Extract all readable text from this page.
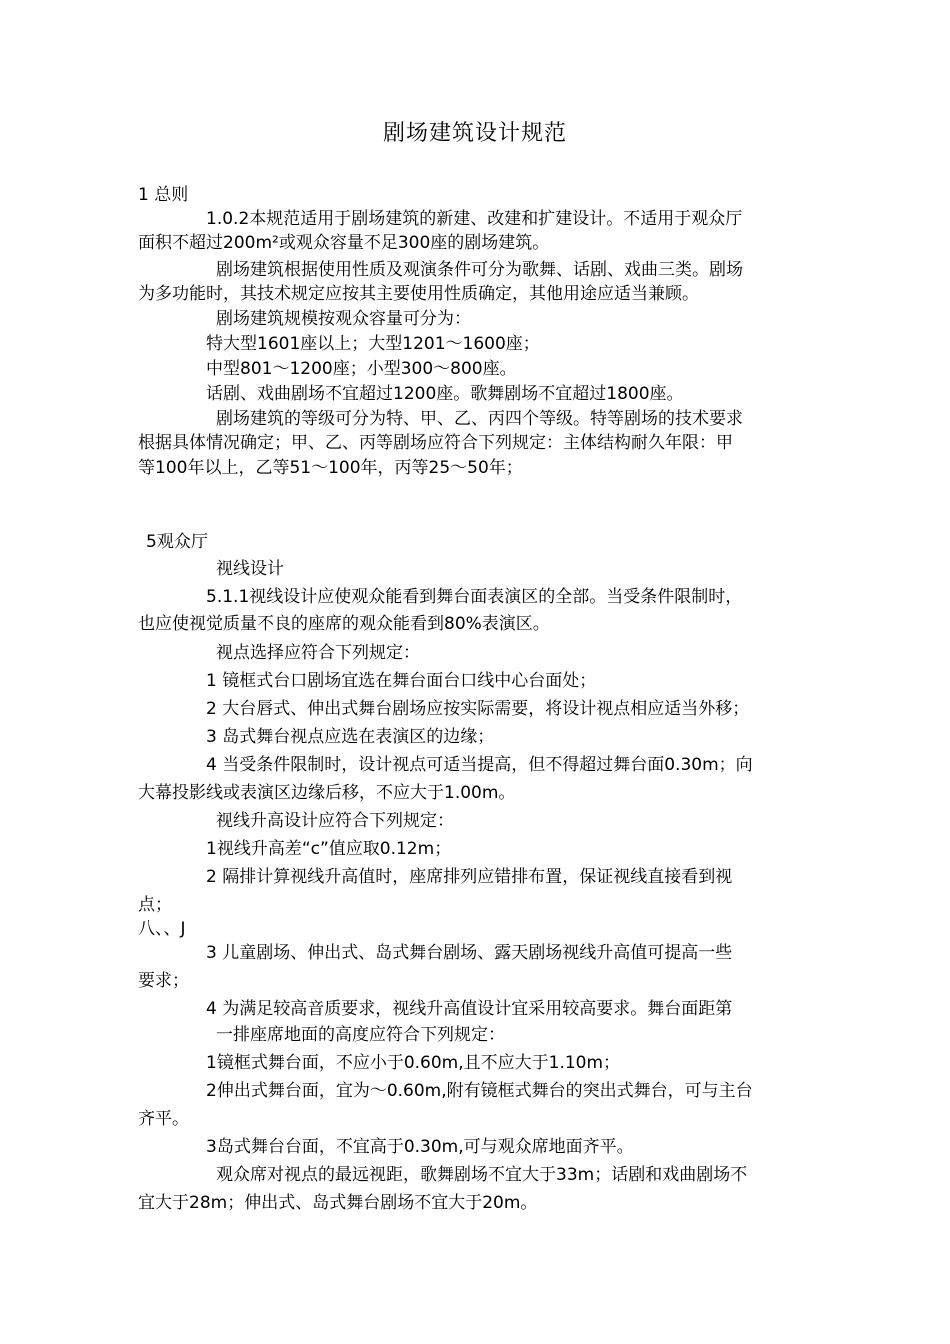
剧场建筑设计规范

1 总则

1.0.2本规范适用于剧场建筑的新建、改建和扩建设计。不适用于观众厅

面积不超过200m²或观众容量不足300座的剧场建筑。

剧场建筑根据使用性质及观演条件可分为歌舞、话剧、戏曲三类。剧场

为多功能时，其技术规定应按其主要使用性质确定，其他用途应适当兼顾。

剧场建筑规模按观众容量可分为：

特大型1601座以上；大型1201～1600座；

中型801～1200座；小型300～800座。

话剧、戏曲剧场不宜超过1200座。歌舞剧场不宜超过1800座。

剧场建筑的等级可分为特、甲、乙、丙四个等级。特等剧场的技术要求

根据具体情况确定；甲、乙、丙等剧场应符合下列规定：主体结构耐久年限：甲

等100年以上，乙等51～100年，丙等25～50年；

5观众厅

视线设计

5.1.1视线设计应使观众能看到舞台面表演区的全部。当受条件限制时，

也应使视觉质量不良的座席的观众能看到80%表演区。

视点选择应符合下列规定：

1 镜框式台口剧场宜选在舞台面台口线中心台面处；

2 大台唇式、伸出式舞台剧场应按实际需要，将设计视点相应适当外移；

3 岛式舞台视点应选在表演区的边缘；

4 当受条件限制时，设计视点可适当提高，但不得超过舞台面0.30m；向

大幕投影线或表演区边缘后移，不应大于1.00m。

视线升高设计应符合下列规定：

1视线升高差“c”值应取0.12m；

2 隔排计算视线升高值时，座席排列应错排布置，保证视线直接看到视

点；

八、、J

3 儿童剧场、伸出式、岛式舞台剧场、露天剧场视线升高值可提高一些

要求；

4 为满足较高音质要求，视线升高值设计宜采用较高要求。舞台面距第

一排座席地面的高度应符合下列规定：

1镜框式舞台面，不应小于0.60m,且不应大于1.10m；

2伸出式舞台面，宜为～0.60m,附有镜框式舞台的突出式舞台，可与主台

齐平。

3岛式舞台台面，不宜高于0.30m,可与观众席地面齐平。

观众席对视点的最远视距，歌舞剧场不宜大于33m；话剧和戏曲剧场不

宜大于28m；伸出式、岛式舞台剧场不宜大于20m。
